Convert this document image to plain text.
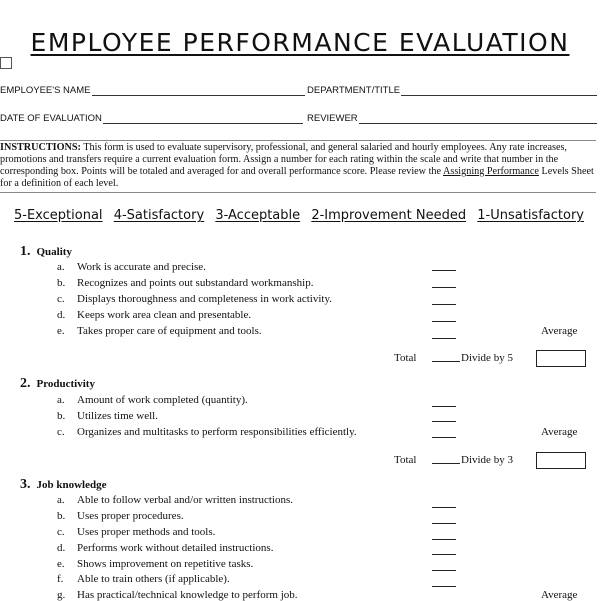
EMPLOYEE PERFORMANCE EVALUATION
EMPLOYEE'S NAME	DEPARTMENT/TITLE
DATE OF EVALUATION	REVIEWER
INSTRUCTIONS: This form is used to evaluate supervisory, professional, and general salaried and hourly employees. Any rate increases, promotions and transfers require a current evaluation form. Assign a number for each rating within the scale and write that number in the corresponding box. Points will be totaled and averaged for and overall performance score. Please review the Assigning Performance Levels Sheet for a definition of each level.
5-Exceptional 4-Satisfactory 3-Acceptable 2-Improvement Needed 1-Unsatisfactory
1. Quality
a. Work is accurate and precise.
b. Recognizes and points out substandard workmanship.
c. Displays thoroughness and completeness in work activity.
d. Keeps work area clean and presentable.
e. Takes proper care of equipment and tools.	Average
Total	Divide by 5
2. Productivity
a. Amount of work completed (quantity).
b. Utilizes time well.
c. Organizes and multitasks to perform responsibilities efficiently.	Average
Total	Divide by 3
3. Job knowledge
a. Able to follow verbal and/or written instructions.
b. Uses proper procedures.
c. Uses proper methods and tools.
d. Performs work without detailed instructions.
e. Shows improvement on repetitive tasks.
f. Able to train others (if applicable).
g. Has practical/technical knowledge to perform job.	Average
